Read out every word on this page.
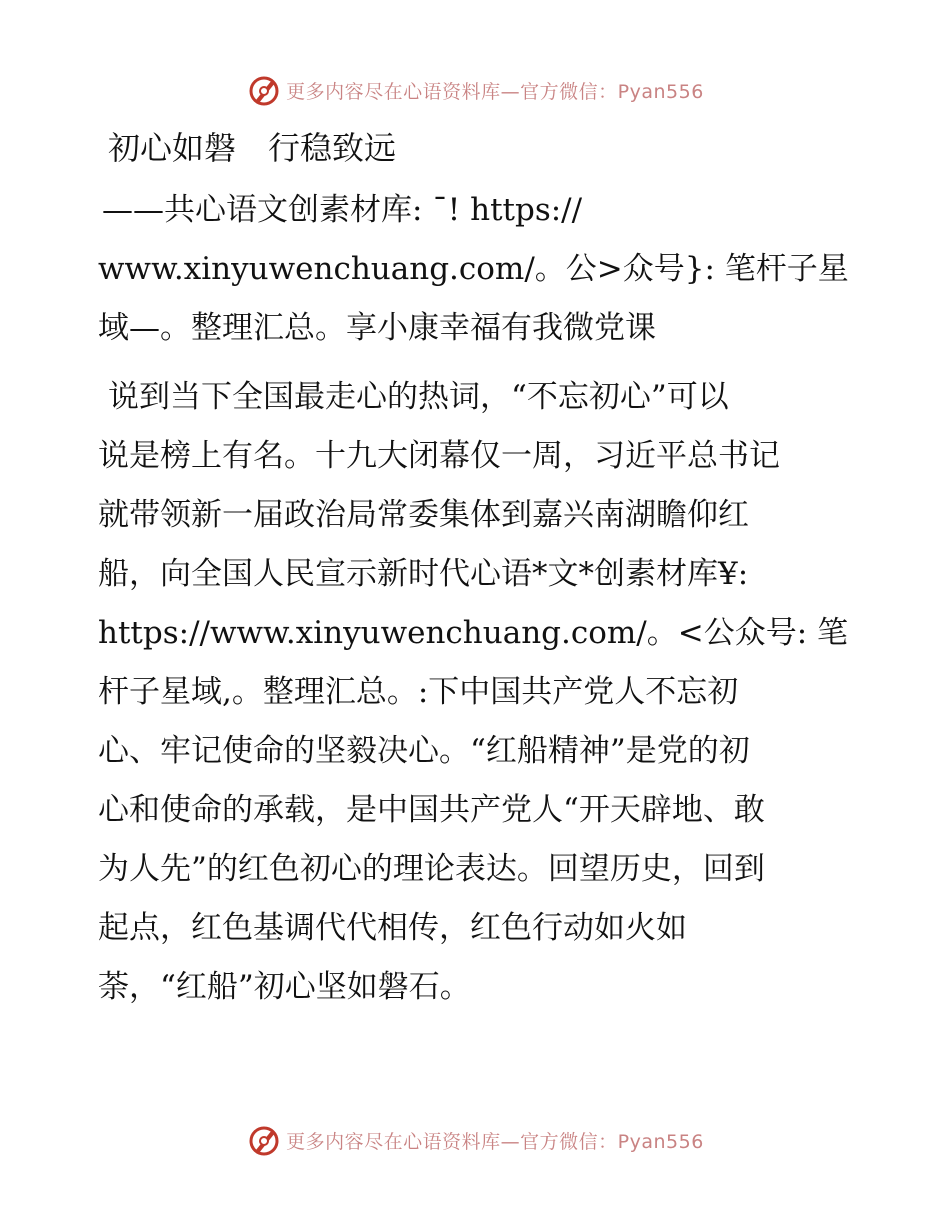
更多内容尽在心语资料库—官方微信：Pyan556
初心如磐　行稳致远
——共心语文创素材库: ¯! https://
www.xinyuwenchuang.com/。公>众号}: 笔杆子星
域—。整理汇总。享小康幸福有我微党课
说到当下全国最走心的热词，“不忘初心”可以
说是榜上有名。十九大闭幕仅一周，习近平总书记
就带领新一届政治局常委集体到嘉兴南湖瞻仰红
船，向全国人民宣示新时代心语*文*创素材库¥:
https://www.xinyuwenchuang.com/。<公众号: 笔
杆子星域,。整理汇总。:下中国共产党人不忘初
心、牢记使命的坚毅决心。“红船精神”是党的初
心和使命的承载，是中国共产党人“开天辟地、敢
为人先”的红色初心的理论表达。回望历史，回到
起点，红色基调代代相传，红色行动如火如
荼，“红船”初心坚如磐石。
更多内容尽在心语资料库—官方微信：Pyan556
